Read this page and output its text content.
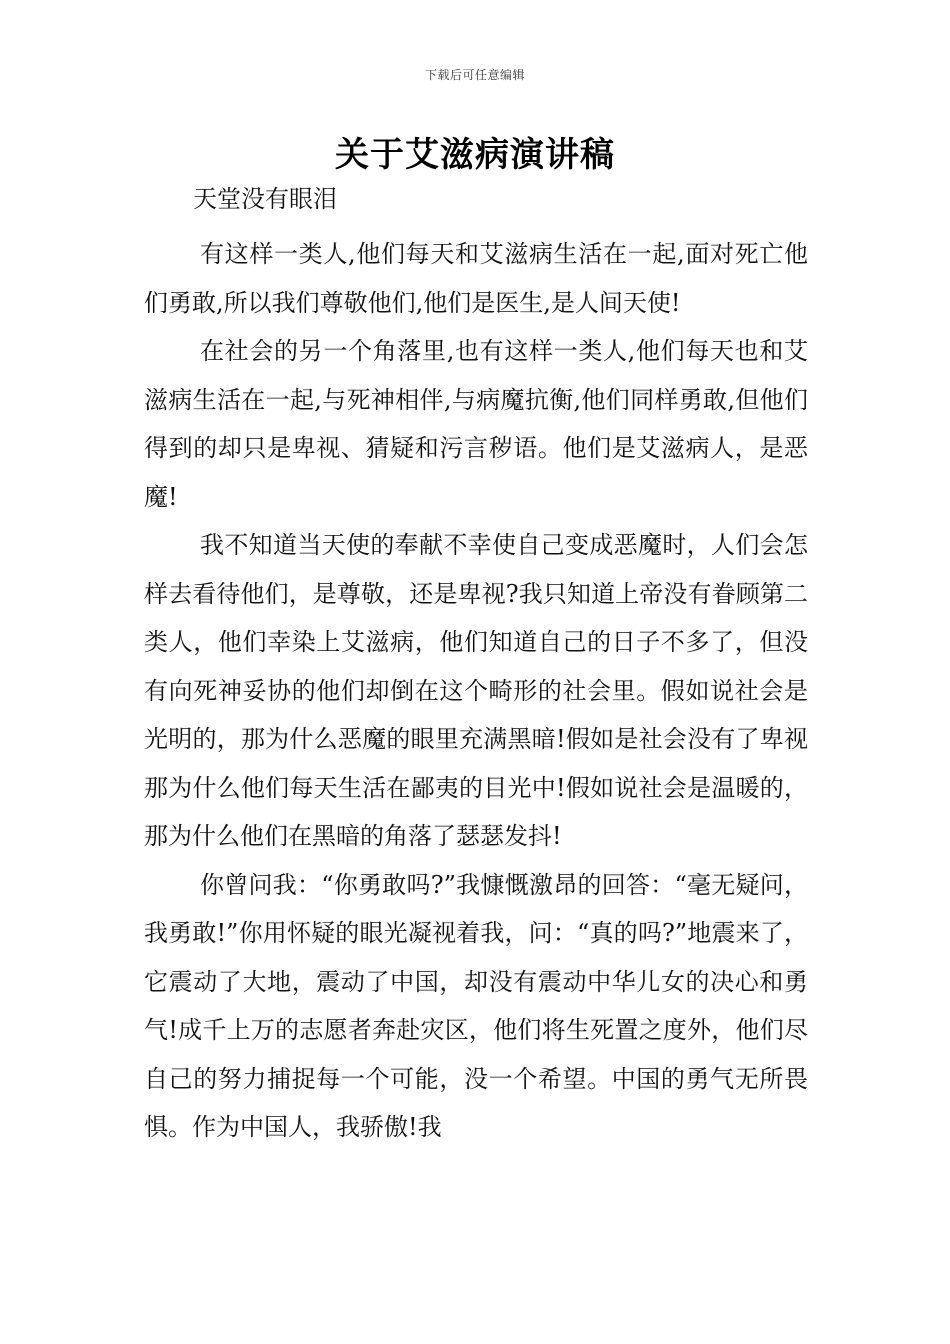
下载后可任意编辑
关于艾滋病演讲稿

天堂没有眼泪

有这样一类人,他们每天和艾滋病生活在一起,面对死亡他们勇敢,所以我们尊敬他们,他们是医生,是人间天使!

在社会的另一个角落里,也有这样一类人,他们每天也和艾滋病生活在一起,与死神相伴,与病魔抗衡,他们同样勇敢,但他们得到的却只是卑视、猜疑和污言秽语。他们是艾滋病人，是恶魔!

我不知道当天使的奉献不幸使自己变成恶魔时，人们会怎样去看待他们，是尊敬，还是卑视?我只知道上帝没有眷顾第二类人，他们幸染上艾滋病，他们知道自己的日子不多了，但没有向死神妥协的他们却倒在这个畸形的社会里。假如说社会是光明的，那为什么恶魔的眼里充满黑暗!假如是社会没有了卑视那为什么他们每天生活在鄙夷的目光中!假如说社会是温暖的，那为什么他们在黑暗的角落了瑟瑟发抖!

你曾问我：“你勇敢吗?”我慷慨激昂的回答：“毫无疑问，我勇敢!”你用怀疑的眼光凝视着我，问：“真的吗?”地震来了，它震动了大地，震动了中国，却没有震动中华儿女的决心和勇气!成千上万的志愿者奔赴灾区，他们将生死置之度外，他们尽自己的努力捕捉每一个可能，没一个希望。中国的勇气无所畏惧。作为中国人，我骄傲!我
